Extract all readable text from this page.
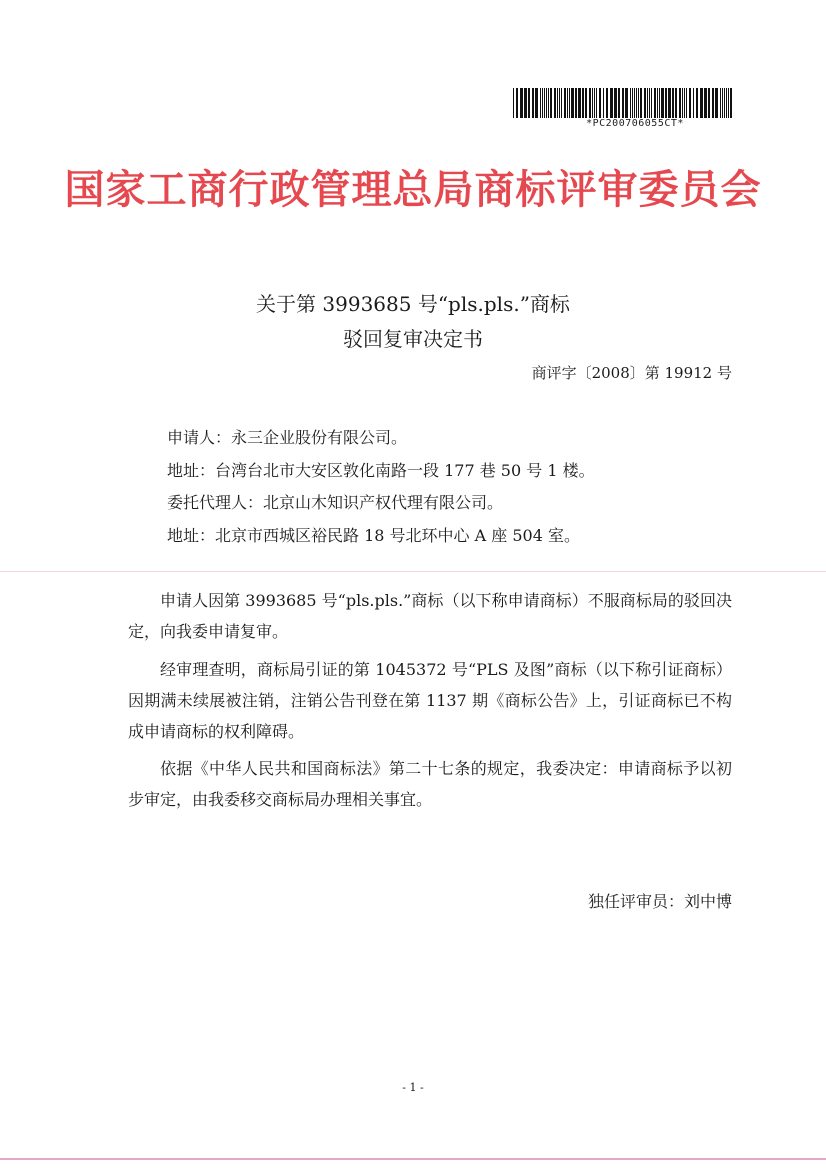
*PC200706055CT*
国家工商行政管理总局商标评审委员会
关于第 3993685 号“pls.pls.”商标
驳回复审决定书
商评字〔2008〕第 19912 号
申请人：永三企业股份有限公司。
地址：台湾台北市大安区敦化南路一段 177 巷 50 号 1 楼。
委托代理人：北京山木知识产权代理有限公司。
地址：北京市西城区裕民路 18 号北环中心 A 座 504 室。
申请人因第 3993685 号“pls.pls.”商标（以下称申请商标）不服商标局的驳回决定，向我委申请复审。
经审理查明，商标局引证的第 1045372 号“PLS 及图”商标（以下称引证商标）因期满未续展被注销，注销公告刊登在第 1137 期《商标公告》上，引证商标已不构成申请商标的权利障碍。
依据《中华人民共和国商标法》第二十七条的规定，我委决定：申请商标予以初步审定，由我委移交商标局办理相关事宜。
独任评审员：刘中博
- 1 -
